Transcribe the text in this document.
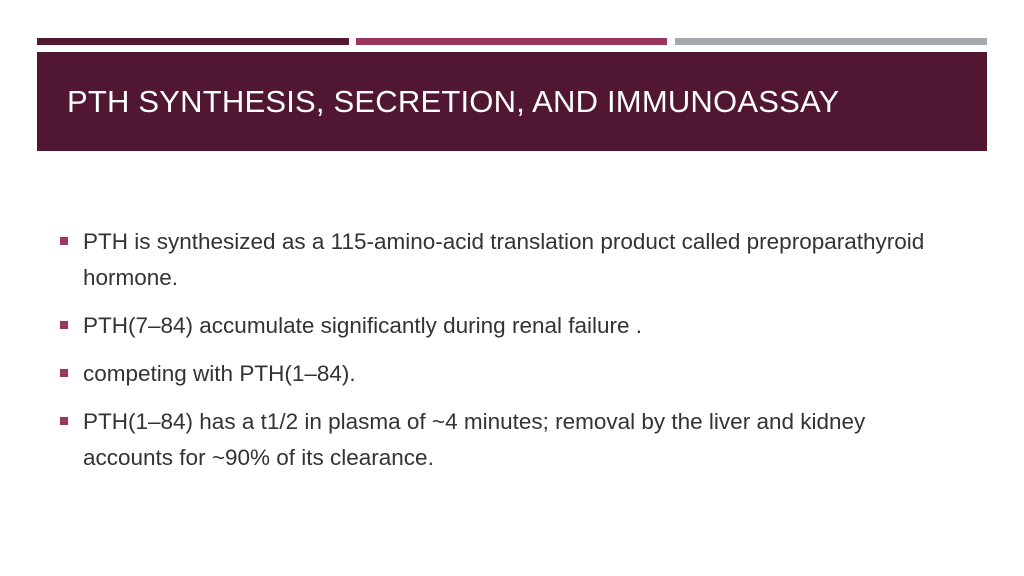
PTH SYNTHESIS, SECRETION, AND IMMUNOASSAY
PTH is synthesized as a 115-amino-acid translation product called preproparathyroid hormone.
PTH(7–84) accumulate significantly during renal failure .
competing with PTH(1–84).
PTH(1–84) has a t1/2 in plasma of ~4 minutes; removal by the liver and kidney accounts for ~90% of its clearance.
